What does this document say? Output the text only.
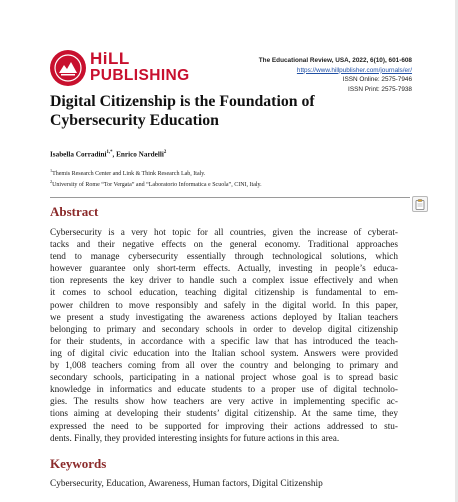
HiLL
PUBLISHING
The Educational Review, USA, 2022, 6(10), 601-608
https://www.hillpublisher.com/journals/er/
ISSN Online: 2575-7946
ISSN Print: 2575-7938
Digital Citizenship is the Foundation of
Cybersecurity Education
Isabella Corradini$^{1,*}$, Enrico Nardelli$^2$
$^1$Themis Research Center and Link & Think Research Lab, Italy.
$^2$University of Rome “Tor Vergata” and “Laboratorio Informatica e Scuola”, CINI, Italy.
Abstract
Cybersecurity is a very hot topic for all countries, given the increase of cyberat-
tacks and their negative effects on the general economy. Traditional approaches
tend to manage cybersecurity essentially through technological solutions, which
however guarantee only short-term effects. Actually, investing in people’s educa-
tion represents the key driver to handle such a complex issue effectively and when
it comes to school education, teaching digital citizenship is fundamental to em-
power children to move responsibly and safely in the digital world. In this paper,
we present a study investigating the awareness actions deployed by Italian teachers
belonging to primary and secondary schools in order to develop digital citizenship
for their students, in accordance with a specific law that has introduced the teach-
ing of digital civic education into the Italian school system. Answers were provided
by 1,008 teachers coming from all over the country and belonging to primary and
secondary schools, participating in a national project whose goal is to spread basic
knowledge in informatics and educate students to a proper use of digital technolo-
gies. The results show how teachers are very active in implementing specific ac-
tions aiming at developing their students’ digital citizenship. At the same time, they
expressed the need to be supported for improving their actions addressed to stu-
dents. Finally, they provided interesting insights for future actions in this area.
Keywords
Cybersecurity, Education, Awareness, Human factors, Digital Citizenship
